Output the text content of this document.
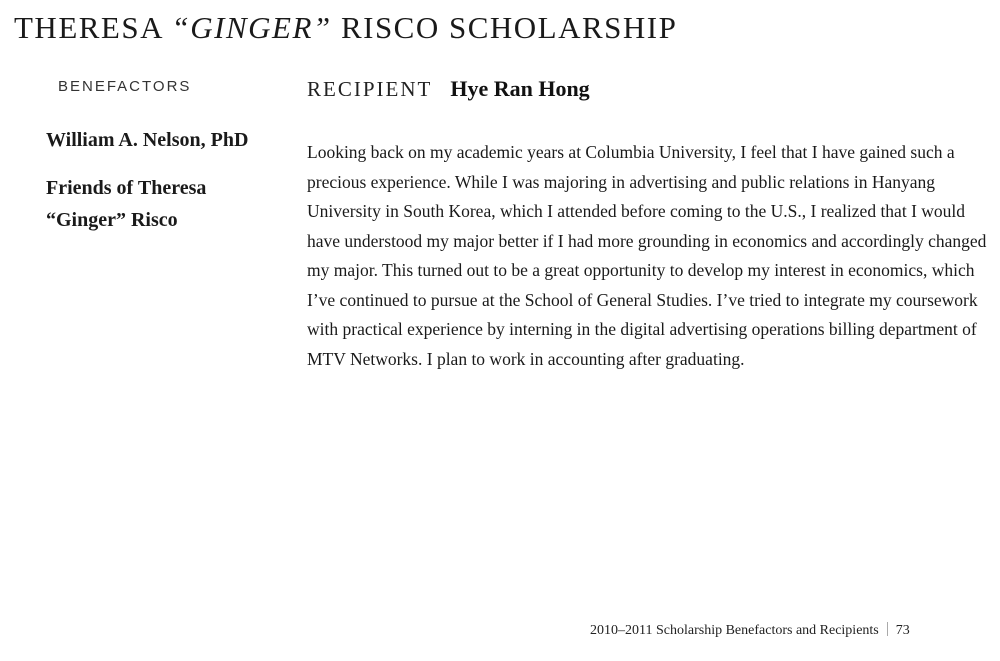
THERESA “GINGER” RISCO SCHOLARSHIP
BENEFACTORS
William A. Nelson, PhD
Friends of Theresa “Ginger” Risco
RECIPIENT Hye Ran Hong

Looking back on my academic years at Columbia University, I feel that I have gained such a precious experience. While I was majoring in advertising and public relations in Hanyang University in South Korea, which I attended before coming to the U.S., I realized that I would have understood my major better if I had more grounding in economics and accordingly changed my major. This turned out to be a great opportunity to develop my interest in economics, which I’ve continued to pursue at the School of General Studies. I’ve tried to integrate my coursework with practical experience by interning in the digital advertising operations billing department of MTV Networks. I plan to work in accounting after graduating.

2010–2011 Scholarship Benefactors and Recipients 73
